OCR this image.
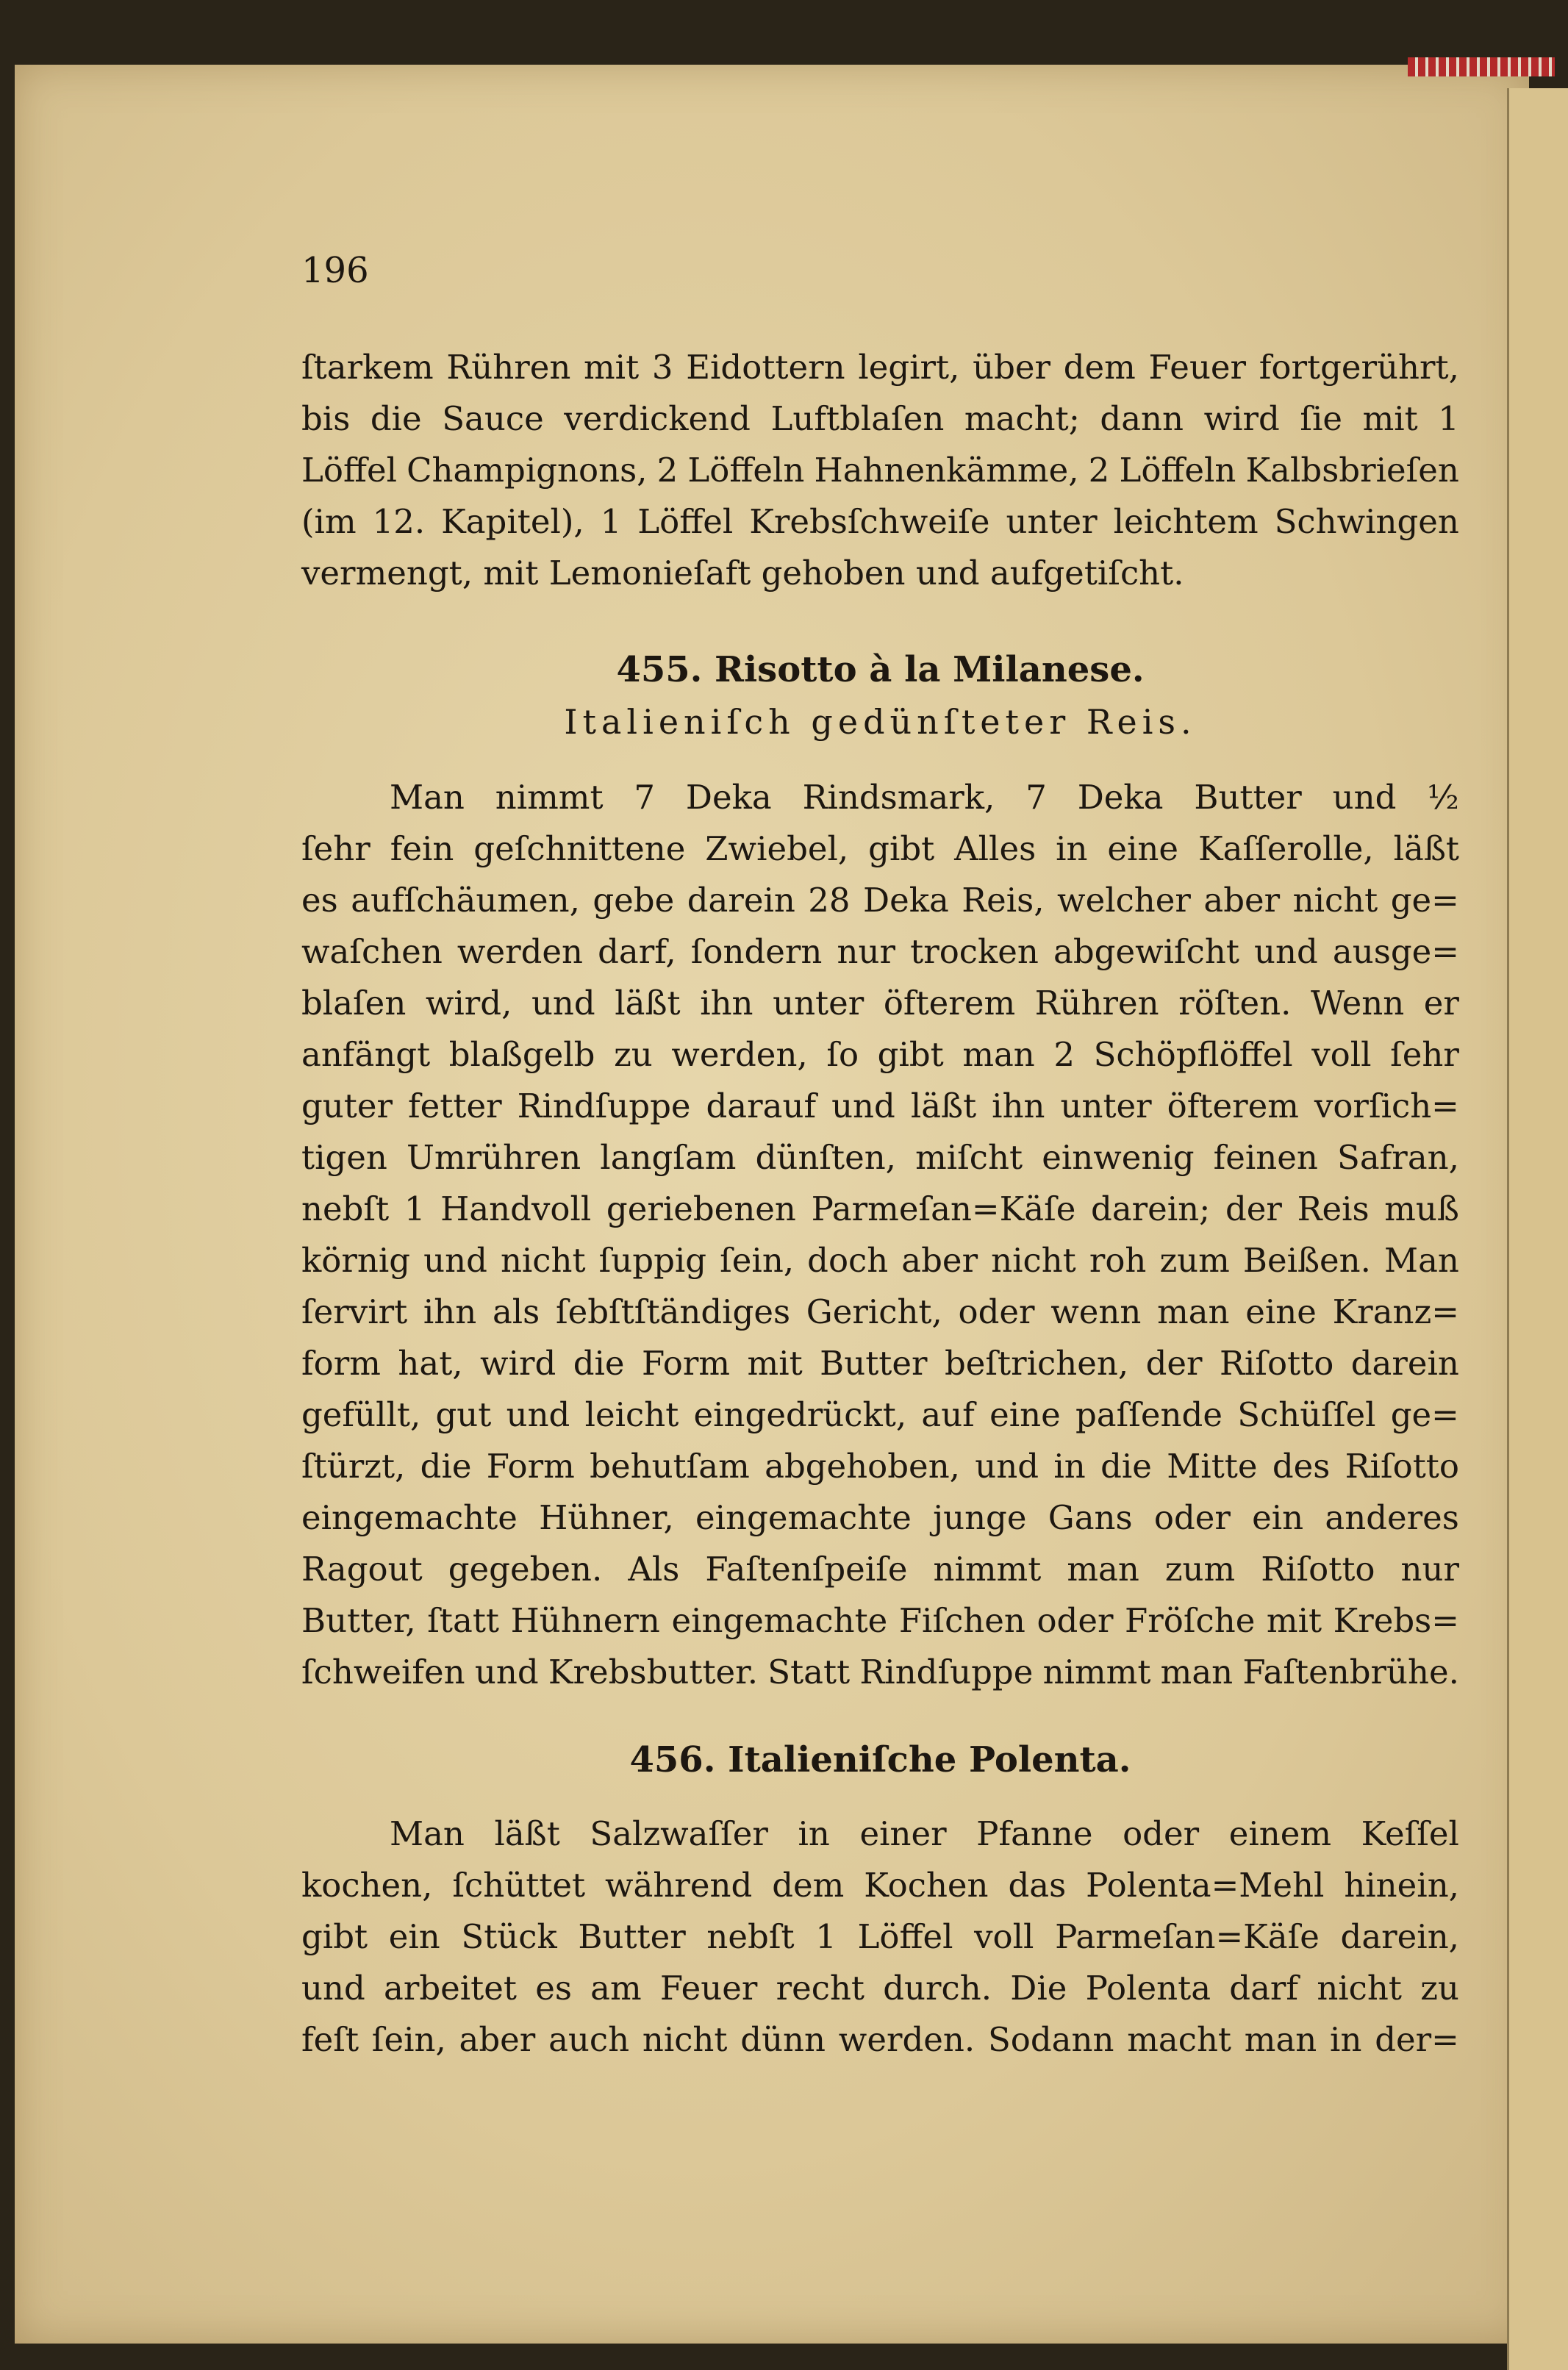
196
ſtarkem Rühren mit 3 Eidottern legirt, über dem Feuer fortgerührt,
bis die Sauce verdickend Luftblaſen macht; dann wird ſie mit 1
Löffel Champignons, 2 Löffeln Hahnenkämme, 2 Löffeln Kalbsbrieſen
(im 12. Kapitel), 1 Löffel Krebsſchweiſe unter leichtem Schwingen
vermengt, mit Lemonieſaft gehoben und aufgetiſcht.
455. Risotto à la Milanese.
Italieniſch gedünſteter Reis.
Man nimmt 7 Deka Rindsmark, 7 Deka Butter und ½
ſehr fein geſchnittene Zwiebel, gibt Alles in eine Kaſſerolle, läßt
es aufſchäumen, gebe darein 28 Deka Reis, welcher aber nicht ge=
waſchen werden darf, ſondern nur trocken abgewiſcht und ausge=
blaſen wird, und läßt ihn unter öfterem Rühren röſten. Wenn er
anfängt blaßgelb zu werden, ſo gibt man 2 Schöpflöffel voll ſehr
guter fetter Rindſuppe darauf und läßt ihn unter öfterem vorſich=
tigen Umrühren langſam dünſten, miſcht einwenig feinen Safran,
nebſt 1 Handvoll geriebenen Parmeſan=Käſe darein; der Reis muß
körnig und nicht ſuppig ſein, doch aber nicht roh zum Beißen. Man
ſervirt ihn als ſebſtſtändiges Gericht, oder wenn man eine Kranz=
form hat, wird die Form mit Butter beſtrichen, der Riſotto darein
gefüllt, gut und leicht eingedrückt, auf eine paſſende Schüſſel ge=
ſtürzt, die Form behutſam abgehoben, und in die Mitte des Riſotto
eingemachte Hühner, eingemachte junge Gans oder ein anderes
Ragout gegeben. Als Faſtenſpeiſe nimmt man zum Riſotto nur
Butter, ſtatt Hühnern eingemachte Fiſchen oder Fröſche mit Krebs=
ſchweifen und Krebsbutter. Statt Rindſuppe nimmt man Faſtenbrühe.
456. Italieniſche Polenta.
Man läßt Salzwaſſer in einer Pfanne oder einem Keſſel
kochen, ſchüttet während dem Kochen das Polenta=Mehl hinein,
gibt ein Stück Butter nebſt 1 Löffel voll Parmeſan=Käſe darein,
und arbeitet es am Feuer recht durch. Die Polenta darf nicht zu
feſt ſein, aber auch nicht dünn werden. Sodann macht man in der=
